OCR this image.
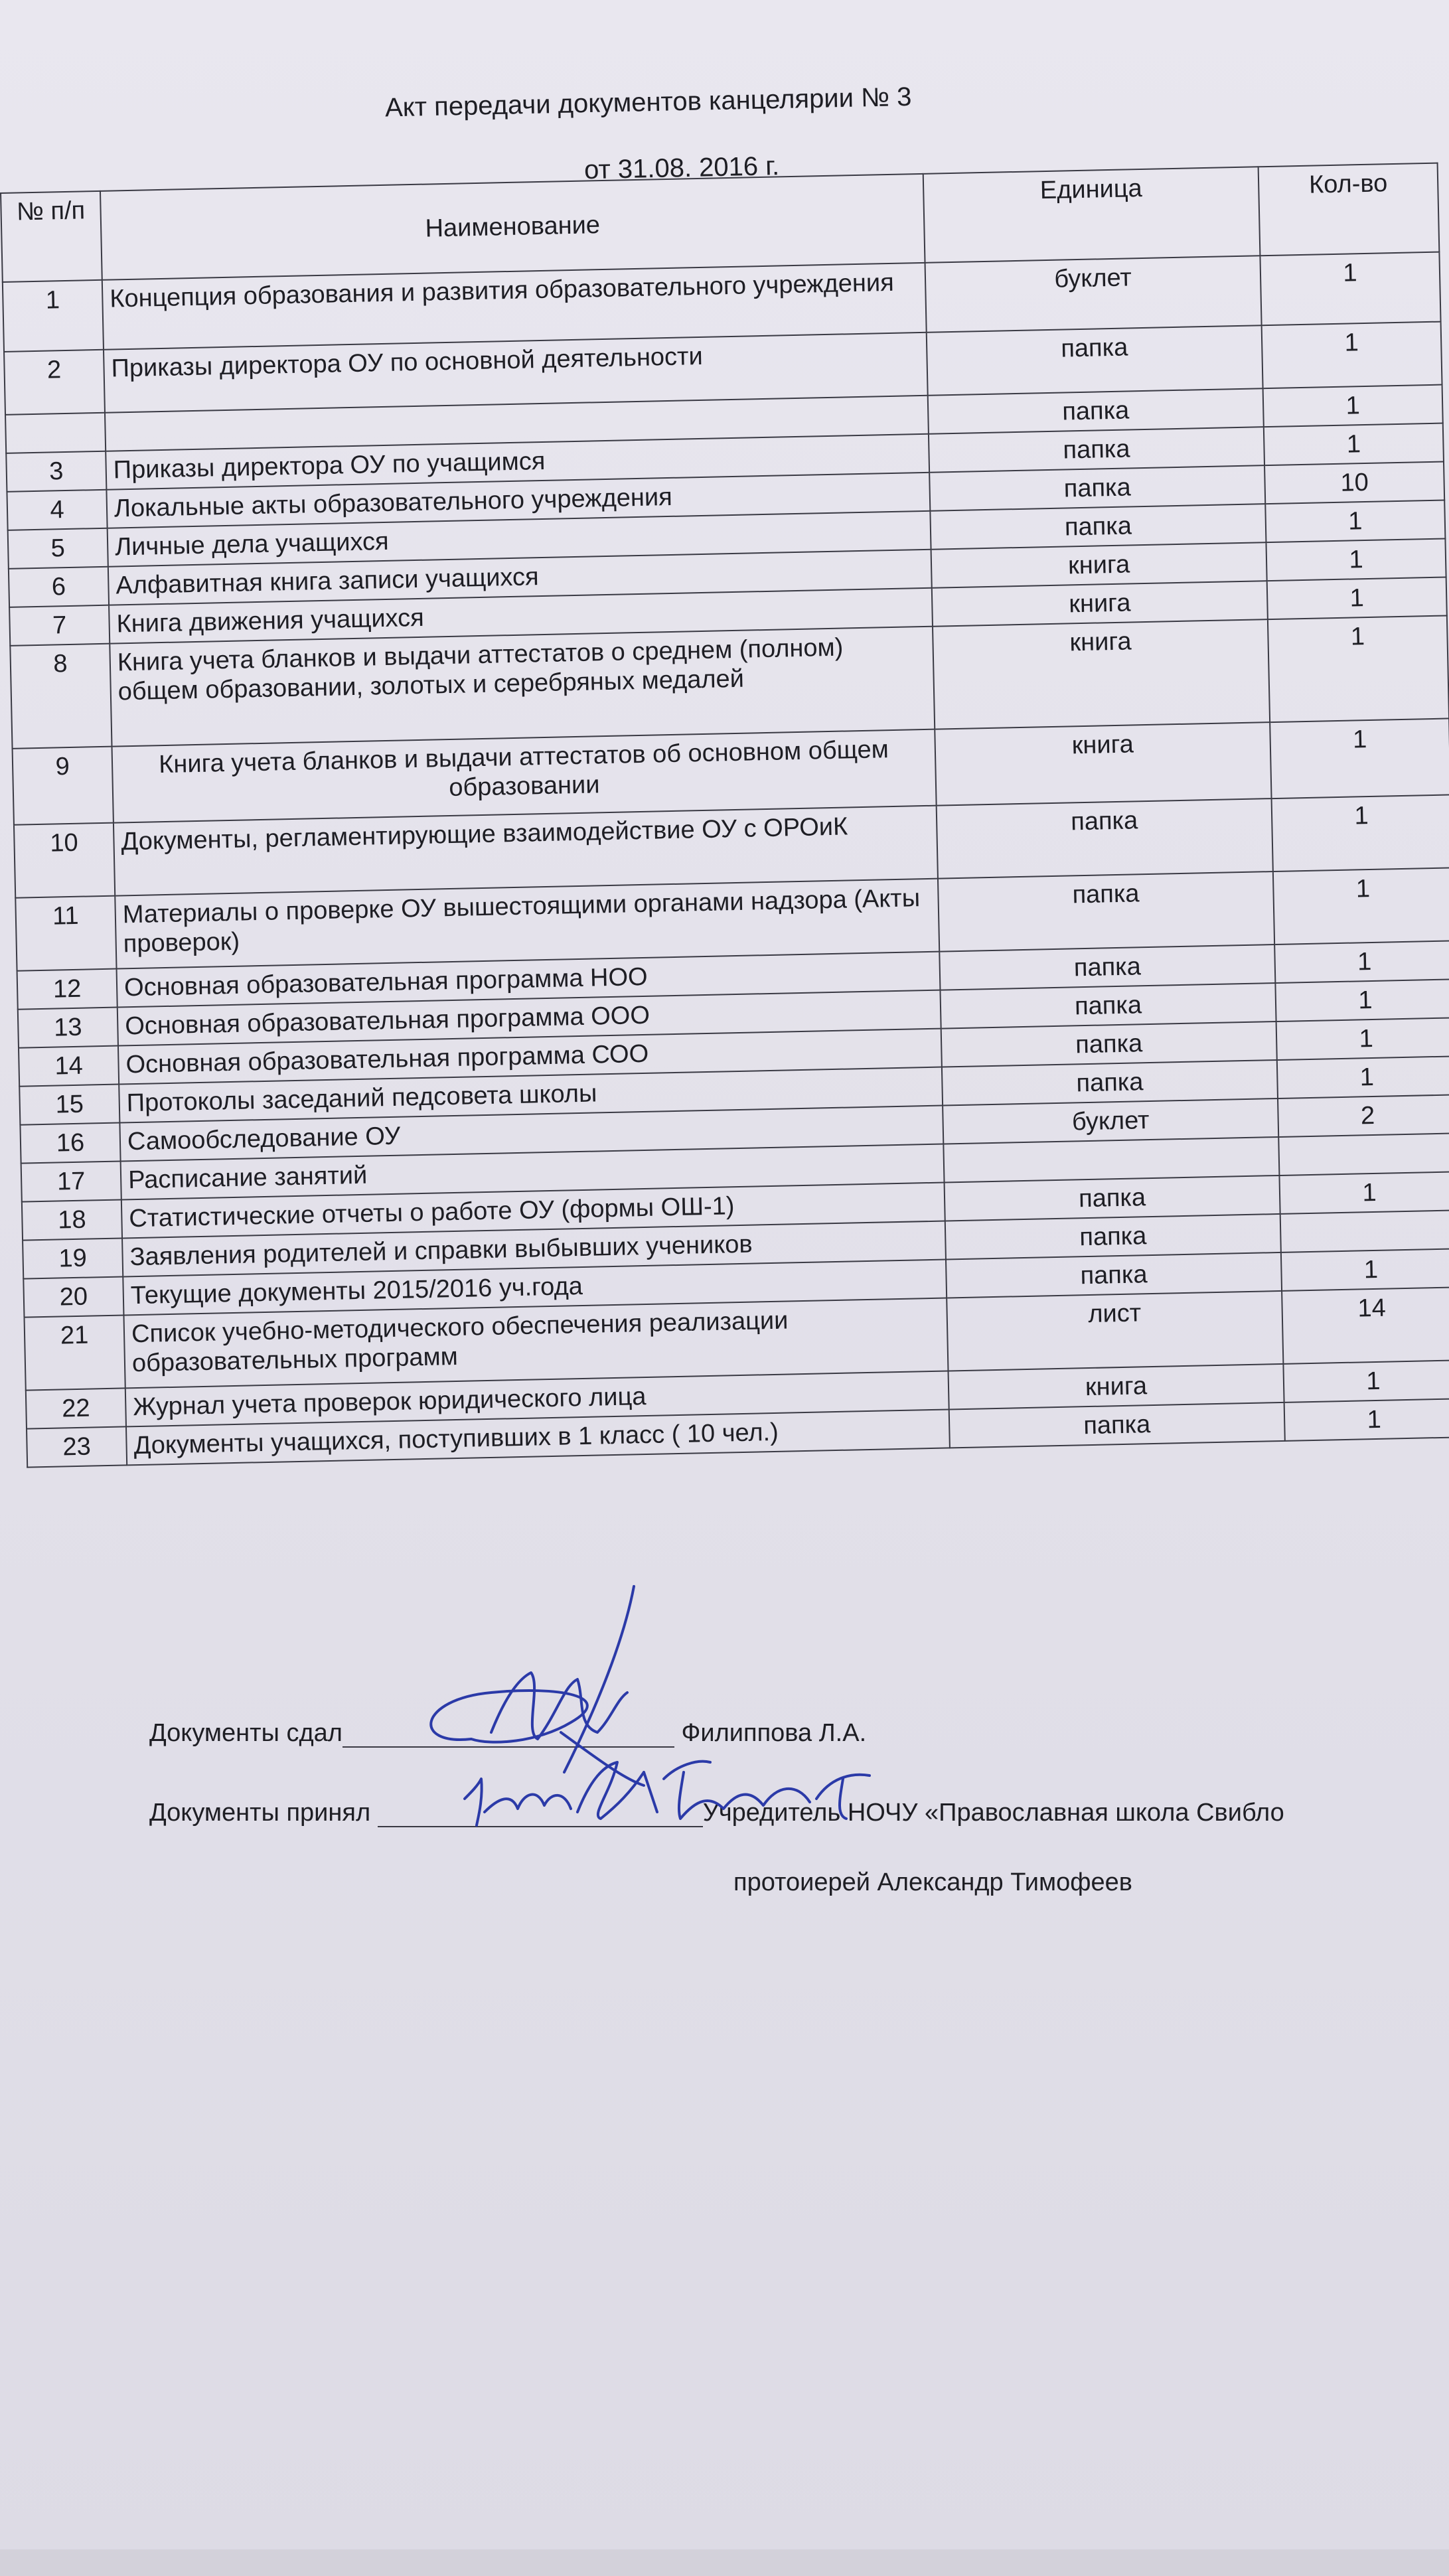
Акт передачи документов канцелярии № 3
от 31.08. 2016 г.
№ п/п	Наименование	Единица	Кол-во
1	Концепция образования и развития образовательного учреждения	буклет	1
2	Приказы директора ОУ по основной деятельности	папка	1
		папка	1
3	Приказы директора ОУ по учащимся	папка	1
4	Локальные акты образовательного учреждения	папка	10
5	Личные дела учащихся	папка	1
6	Алфавитная книга записи учащихся	книга	1
7	Книга движения учащихся	книга	1
8	Книга учета бланков и выдачи аттестатов о среднем (полном) общем образовании, золотых и серебряных медалей	книга	1
9	Книга учета бланков и выдачи аттестатов об основном общем образовании	книга	1
10	Документы, регламентирующие взаимодействие ОУ с ОРОиК	папка	1
11	Материалы о проверке ОУ вышестоящими органами надзора (Акты проверок)	папка	1
12	Основная образовательная программа НОО	папка	1
13	Основная образовательная программа ООО	папка	1
14	Основная образовательная программа СОО	папка	1
15	Протоколы заседаний педсовета школы	папка	1
16	Самообследование ОУ	буклет	2
17	Расписание занятий		
18	Статистические отчеты о работе ОУ (формы ОШ-1)	папка	1
19	Заявления родителей и справки выбывших учеников	папка	
20	Текущие документы 2015/2016 уч.года	папка	1
21	Список учебно-методического обеспечения реализации образовательных программ	лист	14
22	Журнал учета проверок юридического лица	книга	1
23	Документы учащихся, поступивших в 1 класс ( 10 чел.)	папка	1
Документы сдал	Филиппова Л.А.
Документы принял	Учредитель НОЧУ «Православная школа Свибло
протоиерей Александр Тимофеев
